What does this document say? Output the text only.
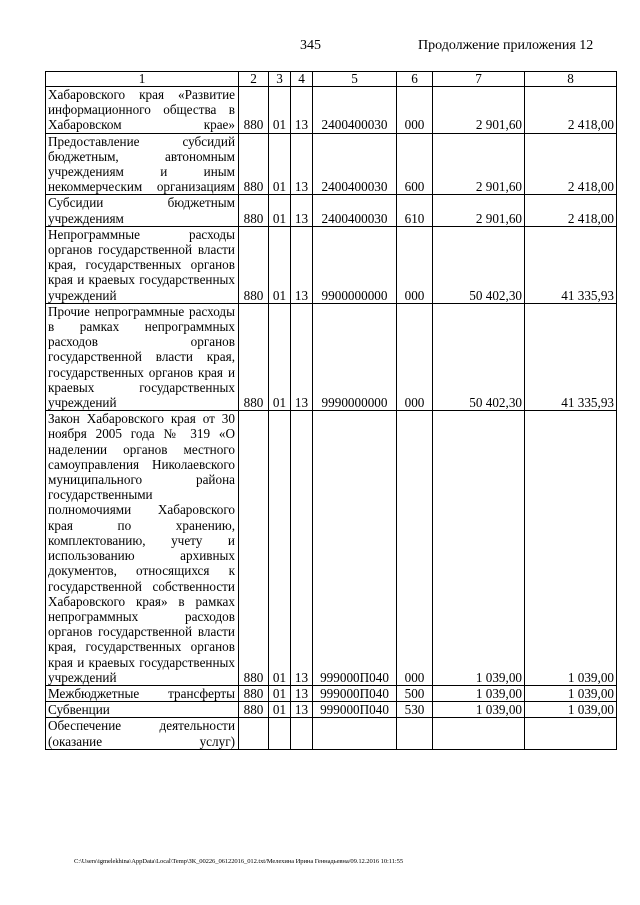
345	Продолжение приложения 12
1	2	3	4	5	6	7	8
Хабаровского края «Развитие информационного общества в Хабаровском крае»	880	01	13	2400400030	000	2 901,60	2 418,00
Предоставление субсидий бюджетным, автономным учреждениям и иным некоммерческим организациям	880	01	13	2400400030	600	2 901,60	2 418,00
Субсидии бюджетным учреждениям	880	01	13	2400400030	610	2 901,60	2 418,00
Непрограммные расходы органов государственной власти края, государственных органов края и краевых государственных учреждений	880	01	13	9900000000	000	50 402,30	41 335,93
Прочие непрограммные расходы в рамках непрограммных расходов органов государственной власти края, государственных органов края и краевых государственных учреждений	880	01	13	9990000000	000	50 402,30	41 335,93
Закон Хабаровского края от 30 ноября 2005 года № 319 «О наделении органов местного самоуправления Николаевского муниципального района государственными полномочиями Хабаровского края по хранению, комплектованию, учету и использованию архивных документов, относящихся к государственной собственности Хабаровского края» в рамках непрограммных расходов органов государственной власти края, государственных органов края и краевых государственных учреждений	880	01	13	999000П040	000	1 039,00	1 039,00
Межбюджетные трансферты	880	01	13	999000П040	500	1 039,00	1 039,00
Субвенции	880	01	13	999000П040	530	1 039,00	1 039,00
Обеспечение деятельности (оказание услуг)							
C:\Users\igmelekhina\AppData\Local\Temp\ЗК_00226_06122016_012.txt/Мелехина Ирина Геннадьевна/09.12.2016 10:11:55
